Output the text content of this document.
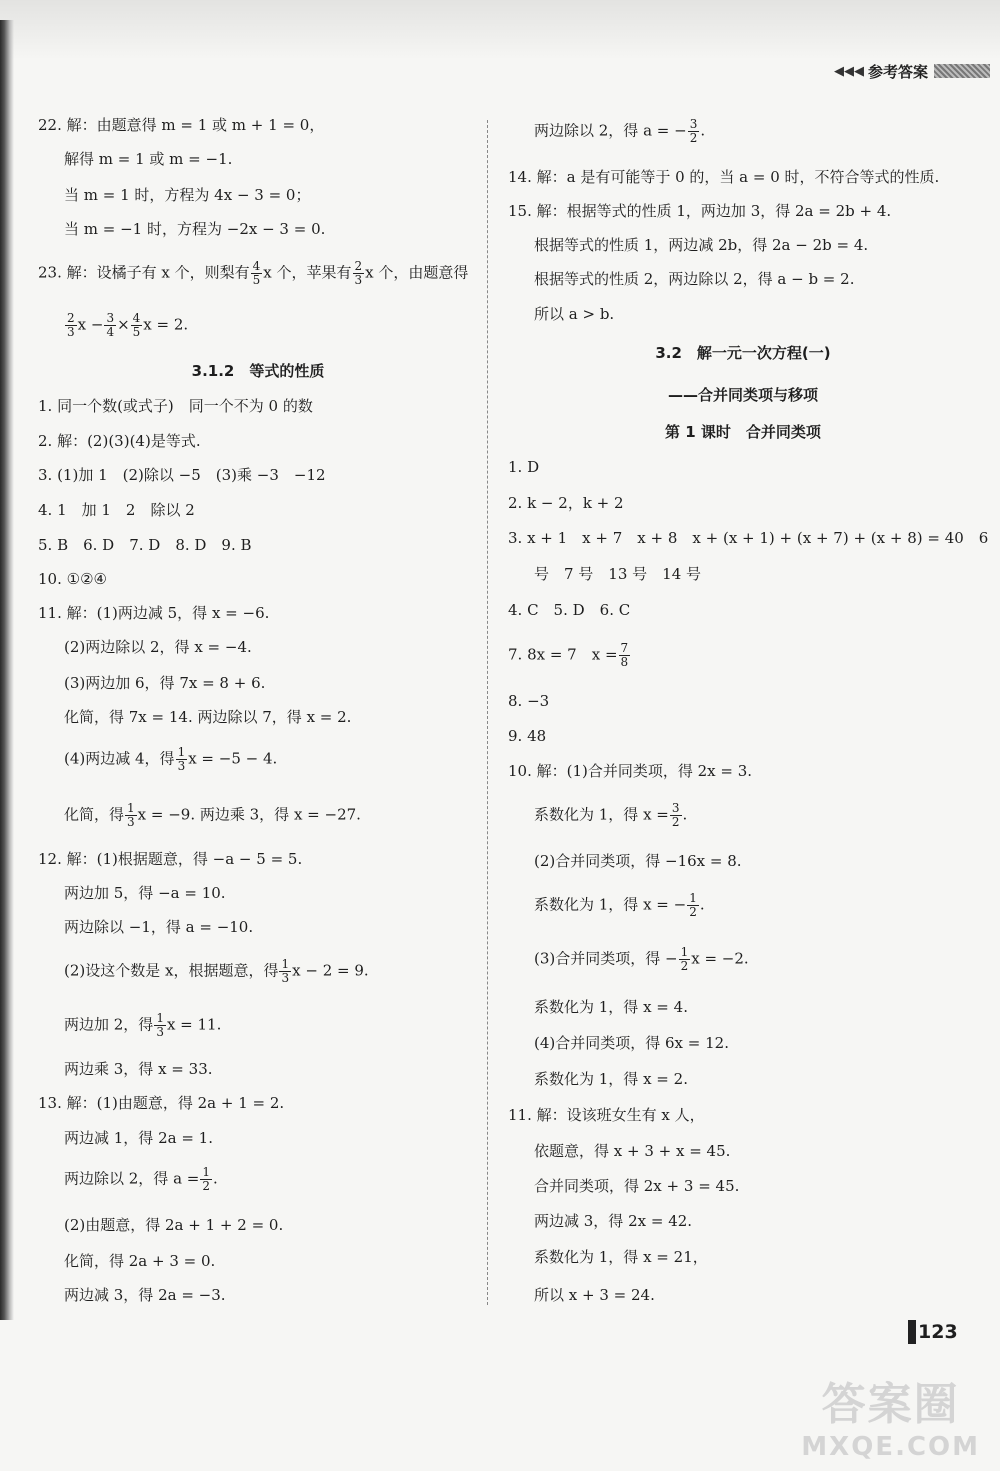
◀◀◀ 参考答案
22. 解：由题意得 m = 1 或 m + 1 = 0，
解得 m = 1 或 m = −1.
当 m = 1 时，方程为 4x − 3 = 0；
当 m = −1 时，方程为 −2x − 3 = 0.
23. 解：设橘子有 x 个，则梨有 $\frac{4}{5}$ x 个，苹果有 $\frac{2}{3}$ x 个，由题意得
$\frac{2}{3}$ $x - \frac{3}{4} \times \frac{4}{5}$ x = 2.
3.1.2　等式的性质
1. 同一个数(或式子)　同一个不为 0 的数
2. 解：(2)(3)(4)是等式.
3. (1)加 1　(2)除以 −5　(3)乘 −3　−12
4. 1　加 1　2　除以 2
5. B　6. D　7. D　8. D　9. B
10. ①②④
11. 解：(1)两边减 5，得 x = −6.
(2)两边除以 2，得 x = −4.
(3)两边加 6，得 7x = 8 + 6.
化简，得 7x = 14. 两边除以 7，得 x = 2.
(4)两边减 4，得 $\frac{1}{3}$ x = −5 − 4.
化简，得 $\frac{1}{3}$ x = −9. 两边乘 3，得 x = −27.
12. 解：(1)根据题意，得 −a − 5 = 5.
两边加 5，得 −a = 10.
两边除以 −1，得 a = −10.
(2)设这个数是 x，根据题意，得 $\frac{1}{3}$ x − 2 = 9.
两边加 2，得 $\frac{1}{3}$ x = 11.
两边乘 3，得 x = 33.
13. 解：(1)由题意，得 2a + 1 = 2.
两边减 1，得 2a = 1.
两边除以 2，得 $a = \frac{1}{2}$ .
(2)由题意，得 2a + 1 + 2 = 0.
化简，得 2a + 3 = 0.
两边减 3，得 2a = −3.
两边除以 2，得 a = − $\frac{3}{2}$ .
14. 解：a 是有可能等于 0 的，当 a = 0 时，不符合等式的性质.
15. 解：根据等式的性质 1，两边加 3，得 2a = 2b + 4.
根据等式的性质 1，两边减 2b，得 2a − 2b = 4.
根据等式的性质 2，两边除以 2，得 a − b = 2.
所以 a > b.
3.2　解一元一次方程(一)
——合并同类项与移项
第 1 课时　合并同类项
1. D
2. k − 2，k + 2
3. x + 1　x + 7　x + 8　x + (x + 1) + (x + 7) + (x + 8) = 40　6
号　7 号　13 号　14 号
4. C　5. D　6. C
7. 8x = 7　$x = \frac{7}{8}$
8. −3
9. 48
10. 解：(1)合并同类项，得 2x = 3.
系数化为 1，得 $x = \frac{3}{2}$ .
(2)合并同类项，得 −16x = 8.
系数化为 1，得 x = − $\frac{1}{2}$ .
(3)合并同类项，得 − $\frac{1}{2}$ x = −2.
系数化为 1，得 x = 4.
(4)合并同类项，得 6x = 12.
系数化为 1，得 x = 2.
11. 解：设该班女生有 x 人，
依题意，得 x + 3 + x = 45.
合并同类项，得 2x + 3 = 45.
两边减 3，得 2x = 42.
系数化为 1，得 x = 21，
所以 x + 3 = 24.
123
答案圈
MXQE.COM
